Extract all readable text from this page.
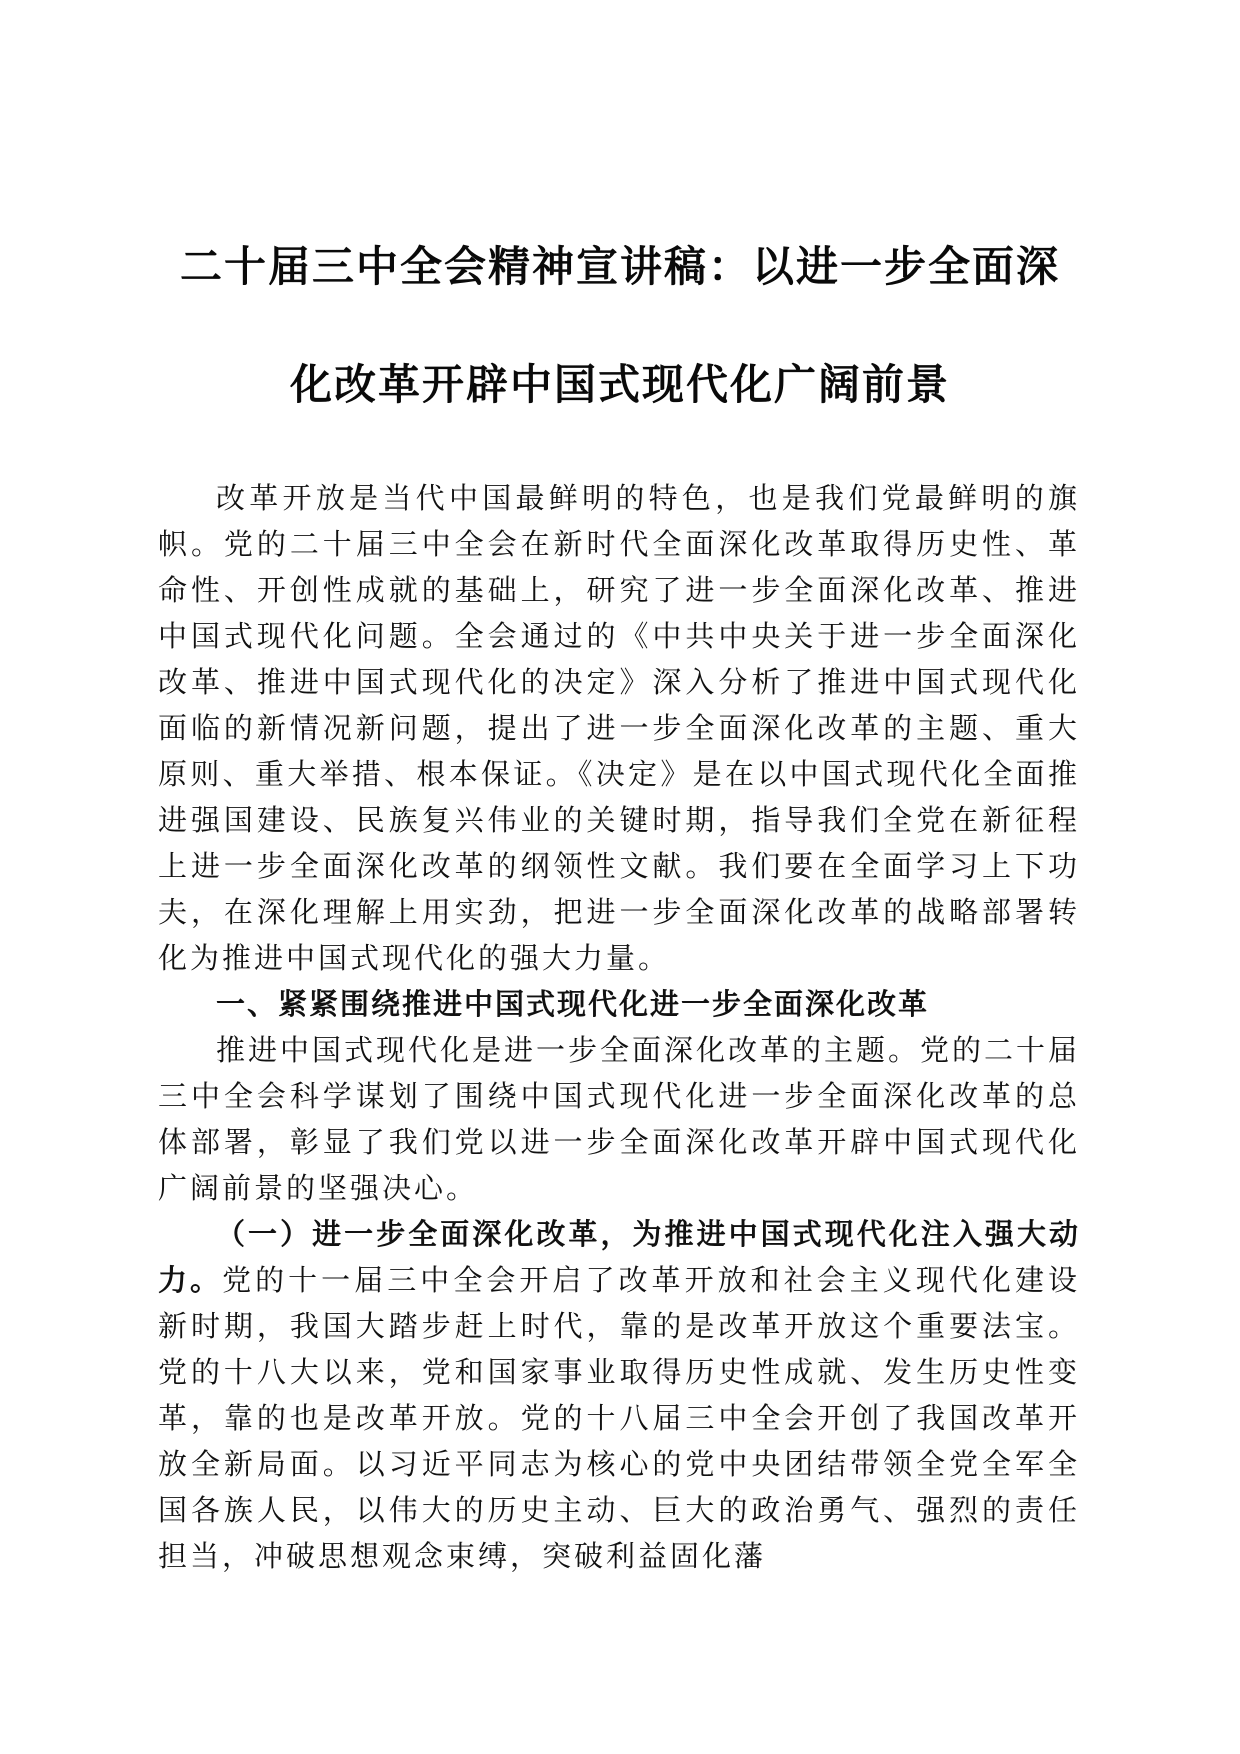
二十届三中全会精神宣讲稿：以进一步全面深
化改革开辟中国式现代化广阔前景

改革开放是当代中国最鲜明的特色，也是我们党最鲜明的旗帜。党的二十届三中全会在新时代全面深化改革取得历史性、革命性、开创性成就的基础上，研究了进一步全面深化改革、推进中国式现代化问题。全会通过的《中共中央关于进一步全面深化改革、推进中国式现代化的决定》深入分析了推进中国式现代化面临的新情况新问题，提出了进一步全面深化改革的主题、重大原则、重大举措、根本保证。《决定》是在以中国式现代化全面推进强国建设、民族复兴伟业的关键时期，指导我们全党在新征程上进一步全面深化改革的纲领性文献。我们要在全面学习上下功夫，在深化理解上用实劲，把进一步全面深化改革的战略部署转化为推进中国式现代化的强大力量。

一、紧紧围绕推进中国式现代化进一步全面深化改革

推进中国式现代化是进一步全面深化改革的主题。党的二十届三中全会科学谋划了围绕中国式现代化进一步全面深化改革的总体部署，彰显了我们党以进一步全面深化改革开辟中国式现代化广阔前景的坚强决心。

（一）进一步全面深化改革，为推进中国式现代化注入强大动力。党的十一届三中全会开启了改革开放和社会主义现代化建设新时期，我国大踏步赶上时代，靠的是改革开放这个重要法宝。党的十八大以来，党和国家事业取得历史性成就、发生历史性变革，靠的也是改革开放。党的十八届三中全会开创了我国改革开放全新局面。以习近平同志为核心的党中央团结带领全党全军全国各族人民，以伟大的历史主动、巨大的政治勇气、强烈的责任担当，冲破思想观念束缚，突破利益固化藩
